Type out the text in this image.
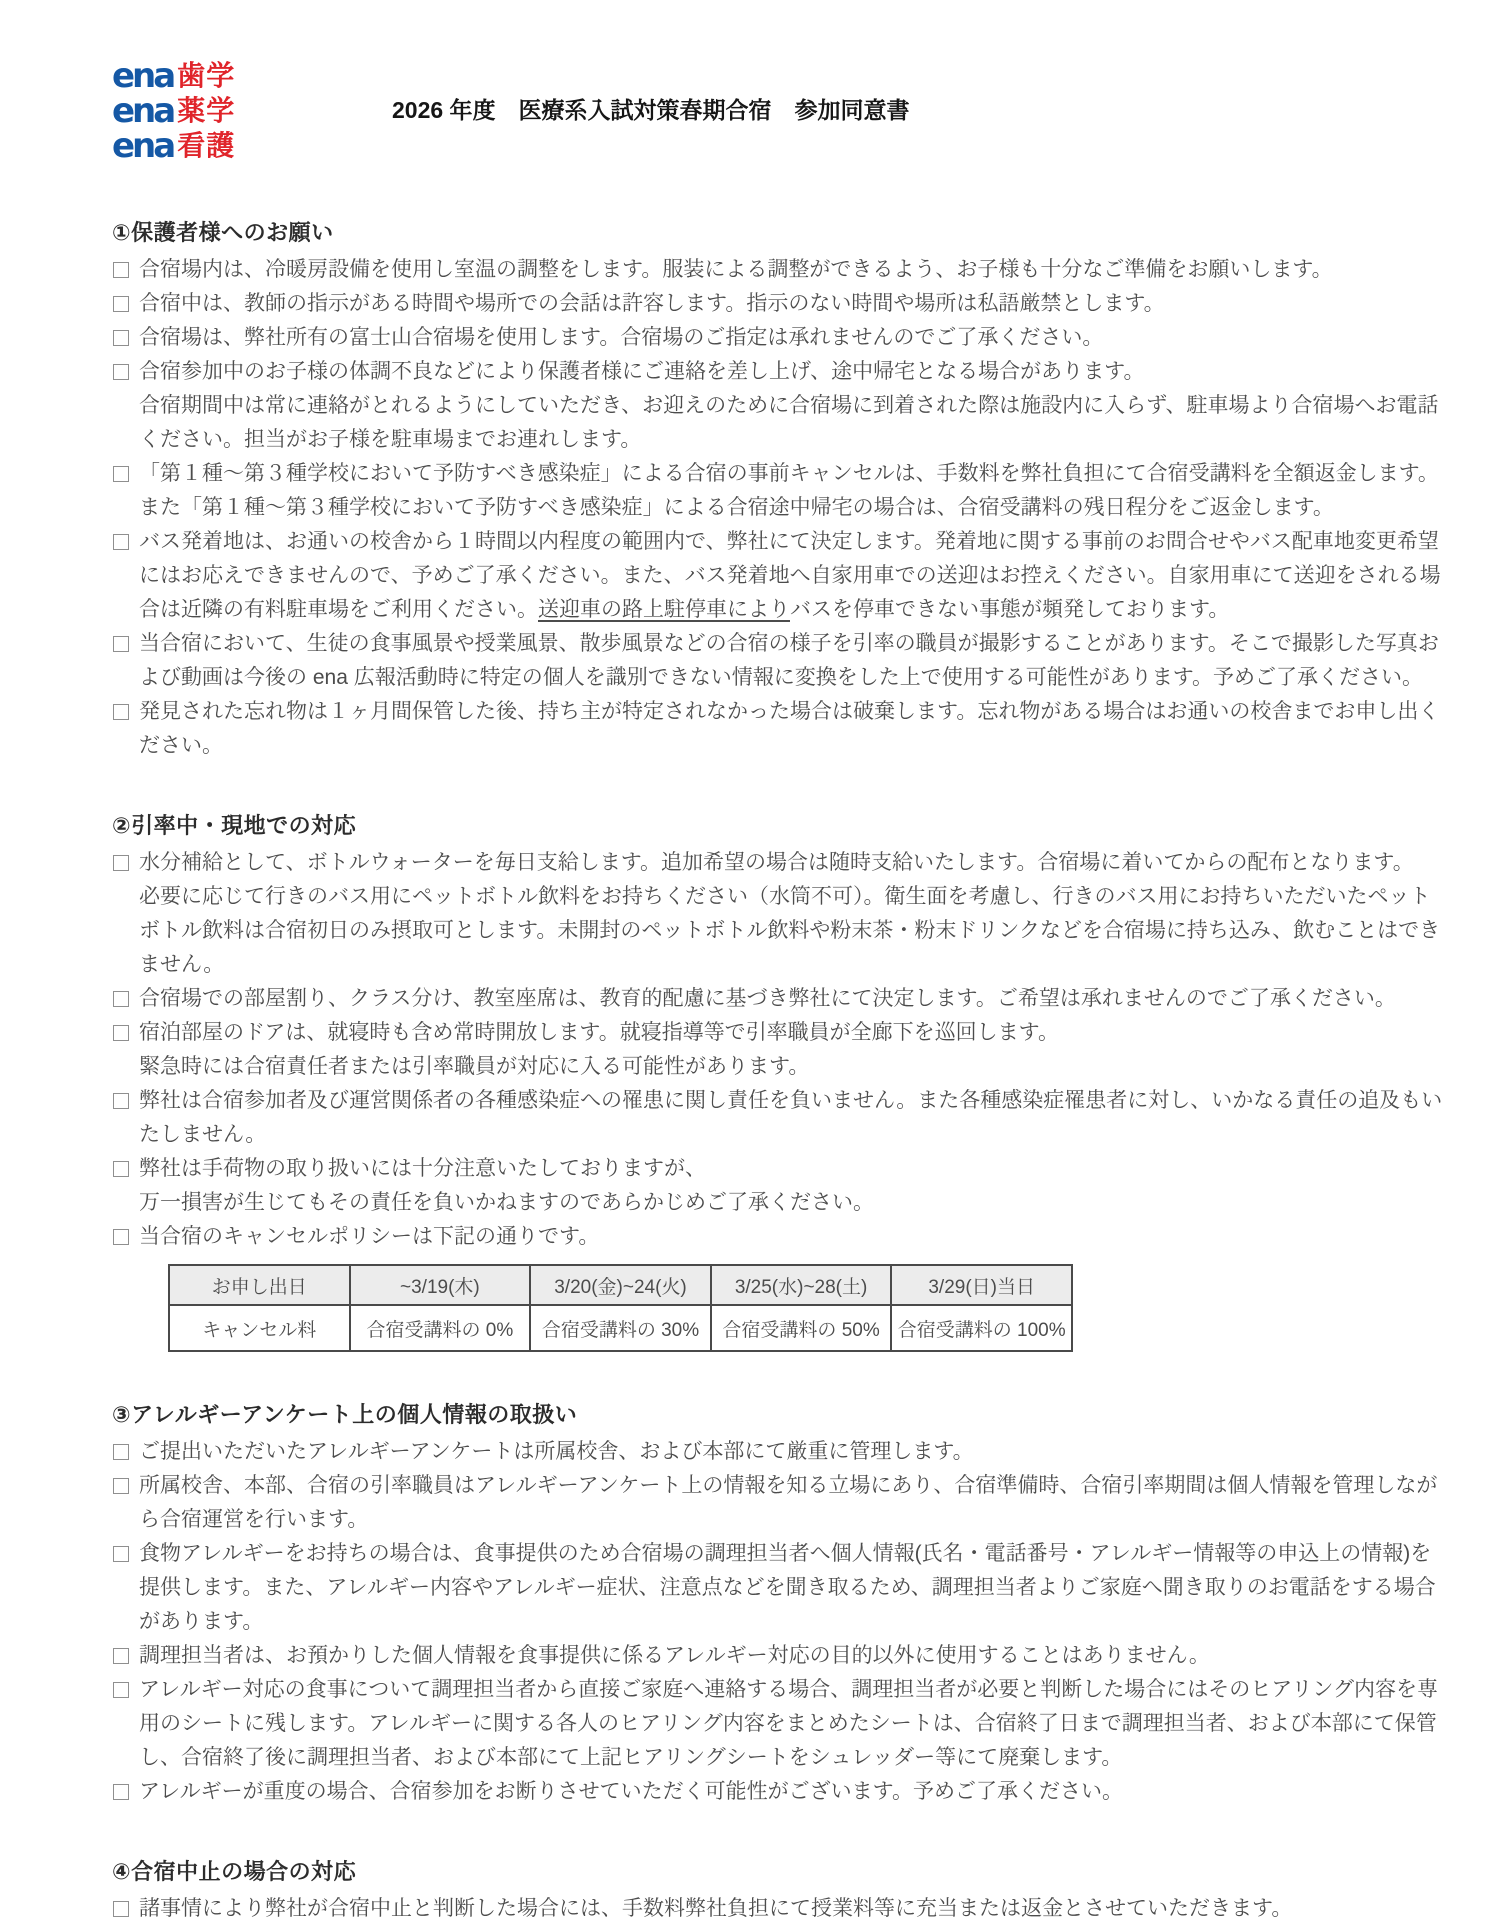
ena 歯学
ena 薬学
ena 看護
2026 年度　医療系入試対策春期合宿　参加同意書
①保護者様へのお願い
合宿場内は、冷暖房設備を使用し室温の調整をします。服装による調整ができるよう、お子様も十分なご準備をお願いします。
合宿中は、教師の指示がある時間や場所での会話は許容します。指示のない時間や場所は私語厳禁とします。
合宿場は、弊社所有の富士山合宿場を使用します。合宿場のご指定は承れませんのでご了承ください。
合宿参加中のお子様の体調不良などにより保護者様にご連絡を差し上げ、途中帰宅となる場合があります。
合宿期間中は常に連絡がとれるようにしていただき、お迎えのために合宿場に到着された際は施設内に入らず、駐車場より合宿場へお電話ください。担当がお子様を駐車場までお連れします。
「第１種～第３種学校において予防すべき感染症」による合宿の事前キャンセルは、手数料を弊社負担にて合宿受講料を全額返金します。また「第１種～第３種学校において予防すべき感染症」による合宿途中帰宅の場合は、合宿受講料の残日程分をご返金します。
バス発着地は、お通いの校舎から１時間以内程度の範囲内で、弊社にて決定します。発着地に関する事前のお問合せやバス配車地変更希望にはお応えできませんので、予めご了承ください。また、バス発着地へ自家用車での送迎はお控えください。自家用車にて送迎をされる場合は近隣の有料駐車場をご利用ください。送迎車の路上駐停車によりバスを停車できない事態が頻発しております。
当合宿において、生徒の食事風景や授業風景、散歩風景などの合宿の様子を引率の職員が撮影することがあります。そこで撮影した写真および動画は今後の ena 広報活動時に特定の個人を識別できない情報に変換をした上で使用する可能性があります。予めご了承ください。
発見された忘れ物は１ヶ月間保管した後、持ち主が特定されなかった場合は破棄します。忘れ物がある場合はお通いの校舎までお申し出ください。
②引率中・現地での対応
水分補給として、ボトルウォーターを毎日支給します。追加希望の場合は随時支給いたします。合宿場に着いてからの配布となります。
必要に応じて行きのバス用にペットボトル飲料をお持ちください（水筒不可）。衛生面を考慮し、行きのバス用にお持ちいただいたペットボトル飲料は合宿初日のみ摂取可とします。未開封のペットボトル飲料や粉末茶・粉末ドリンクなどを合宿場に持ち込み、飲むことはできません。
合宿場での部屋割り、クラス分け、教室座席は、教育的配慮に基づき弊社にて決定します。ご希望は承れませんのでご了承ください。
宿泊部屋のドアは、就寝時も含め常時開放します。就寝指導等で引率職員が全廊下を巡回します。
緊急時には合宿責任者または引率職員が対応に入る可能性があります。
弊社は合宿参加者及び運営関係者の各種感染症への罹患に関し責任を負いません。また各種感染症罹患者に対し、いかなる責任の追及もいたしません。
弊社は手荷物の取り扱いには十分注意いたしておりますが、
万一損害が生じてもその責任を負いかねますのであらかじめご了承ください。
当合宿のキャンセルポリシーは下記の通りです。
お申し出日	~3/19(木)	3/20(金)~24(火)	3/25(水)~28(土)	3/29(日)当日
キャンセル料	合宿受講料の 0%	合宿受講料の 30%	合宿受講料の 50%	合宿受講料の 100%
③アレルギーアンケート上の個人情報の取扱い
ご提出いただいたアレルギーアンケートは所属校舎、および本部にて厳重に管理します。
所属校舎、本部、合宿の引率職員はアレルギーアンケート上の情報を知る立場にあり、合宿準備時、合宿引率期間は個人情報を管理しながら合宿運営を行います。
食物アレルギーをお持ちの場合は、食事提供のため合宿場の調理担当者へ個人情報(氏名・電話番号・アレルギー情報等の申込上の情報)を提供します。また、アレルギー内容やアレルギー症状、注意点などを聞き取るため、調理担当者よりご家庭へ聞き取りのお電話をする場合があります。
調理担当者は、お預かりした個人情報を食事提供に係るアレルギー対応の目的以外に使用することはありません。
アレルギー対応の食事について調理担当者から直接ご家庭へ連絡する場合、調理担当者が必要と判断した場合にはそのヒアリング内容を専用のシートに残します。アレルギーに関する各人のヒアリング内容をまとめたシートは、合宿終了日まで調理担当者、および本部にて保管し、合宿終了後に調理担当者、および本部にて上記ヒアリングシートをシュレッダー等にて廃棄します。
アレルギーが重度の場合、合宿参加をお断りさせていただく可能性がございます。予めご了承ください。
④合宿中止の場合の対応
諸事情により弊社が合宿中止と判断した場合には、手数料弊社負担にて授業料等に充当または返金とさせていただきます。
